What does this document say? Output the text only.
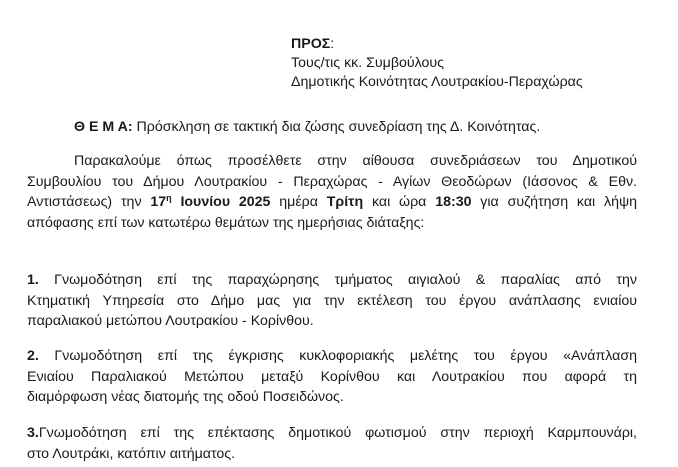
ΠΡΟΣ:
Τους/τις κκ. Συμβούλους
Δημοτικής Κοινότητας Λουτρακίου-Περαχώρας
Θ Ε Μ Α: Πρόσκληση σε τακτική δια ζώσης συνεδρίαση της Δ. Κοινότητας.
Παρακαλούμε όπως προσέλθετε στην αίθουσα συνεδριάσεων του Δημοτικού
Συμβουλίου του Δήμου Λουτρακίου - Περαχώρας - Αγίων Θεοδώρων (Ιάσονος & Εθν.
Αντιστάσεως) την $17^\eta$ Ιουνίου 2025 ημέρα Τρίτη και ώρα 18:30 για συζήτηση και λήψη
απόφασης επί των κατωτέρω θεμάτων της ημερήσιας διάταξης:
1. Γνωμοδότηση επί της παραχώρησης τμήματος αιγιαλού & παραλίας από την
Κτηματική Υπηρεσία στο Δήμο μας για την εκτέλεση του έργου ανάπλασης ενιαίου
παραλιακού μετώπου Λουτρακίου - Κορίνθου.
2. Γνωμοδότηση επί της έγκρισης κυκλοφοριακής μελέτης του έργου «Ανάπλαση
Ενιαίου Παραλιακού Μετώπου μεταξύ Κορίνθου και Λουτρακίου που αφορά τη
διαμόρφωση νέας διατομής της οδού Ποσειδώνος.
3.Γνωμοδότηση επί της επέκτασης δημοτικού φωτισμού στην περιοχή Καρμπουνάρι,
στο Λουτράκι, κατόπιν αιτήματος.
